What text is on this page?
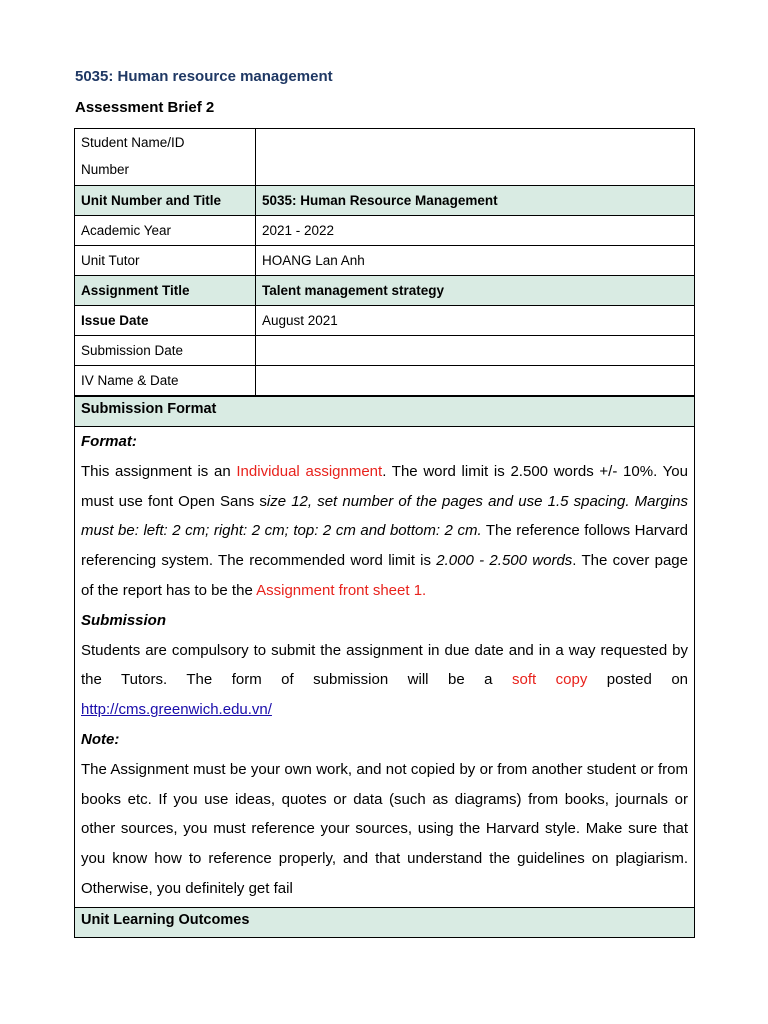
5035: Human resource management
Assessment Brief 2
Student Name/ID
Number	

Unit Number and Title	5035: Human Resource Management
Academic Year	2021 - 2022
Unit Tutor	HOANG Lan Anh
Assignment Title	Talent management strategy
Issue Date	August 2021
Submission Date	
IV Name & Date	
Submission Format

Format:

This assignment is an Individual assignment. The word limit is 2.500 words +/- 10%. You must use font Open Sans size 12, set number of the pages and use 1.5 spacing. Margins must be: left: 2 cm; right: 2 cm; top: 2 cm and bottom: 2 cm. The reference follows Harvard referencing system. The recommended word limit is 2.000 - 2.500 words. The cover page of the report has to be the Assignment front sheet 1.

Submission

Students are compulsory to submit the assignment in due date and in a way requested by the Tutors. The form of submission will be a soft copy posted on http://cms.greenwich.edu.vn/

Note:

The Assignment must be your own work, and not copied by or from another student or from books etc. If you use ideas, quotes or data (such as diagrams) from books, journals or other sources, you must reference your sources, using the Harvard style. Make sure that you know how to reference properly, and that understand the guidelines on plagiarism. Otherwise, you definitely get fail

Unit Learning Outcomes
